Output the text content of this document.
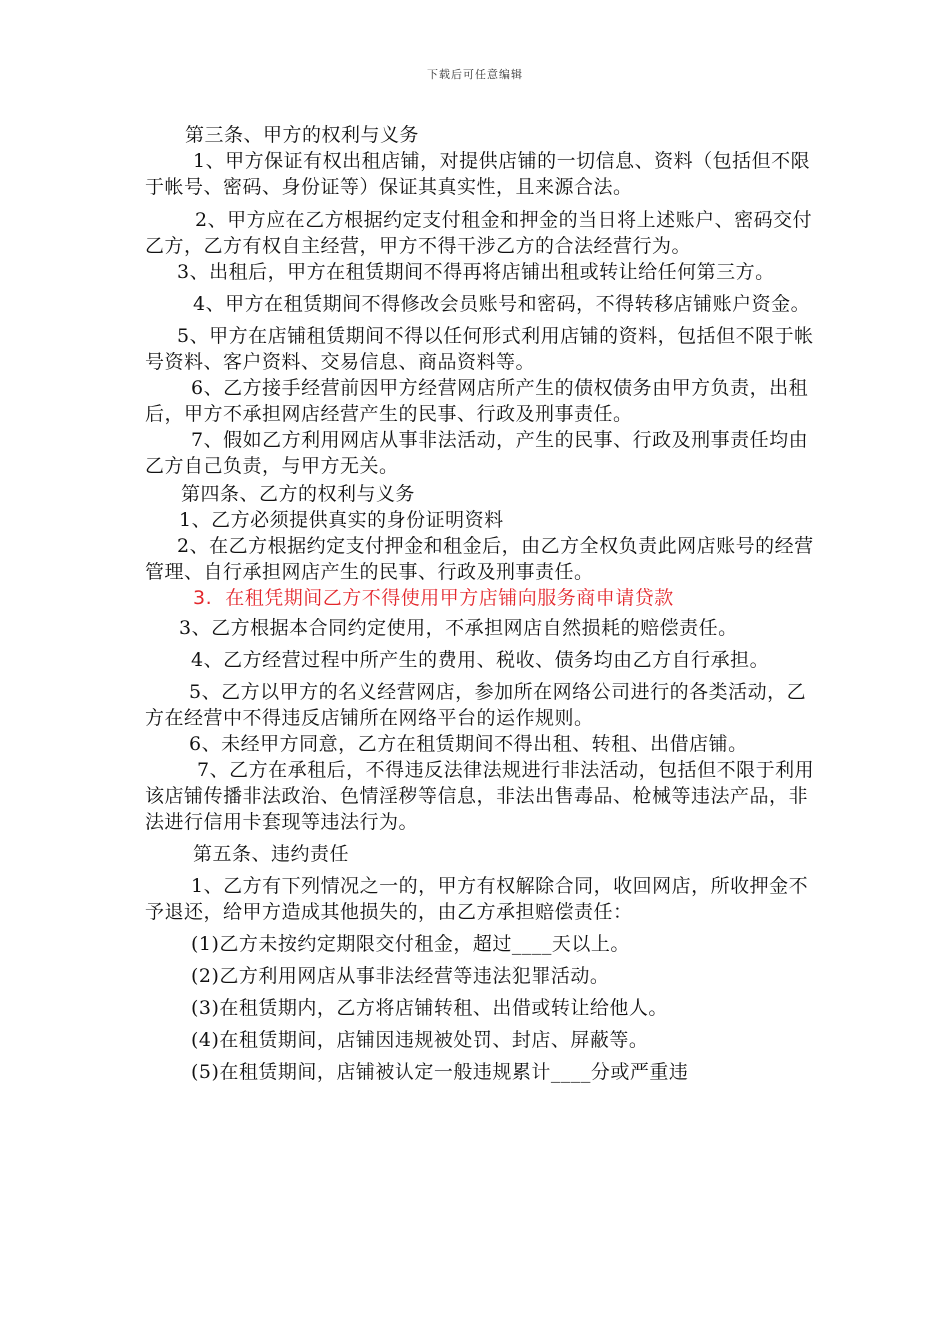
下载后可任意编辑

第三条、甲方的权利与义务

1、甲方保证有权出租店铺，对提供店铺的一切信息、资料（包括但不限于帐号、密码、身份证等）保证其真实性，且来源合法。

2、甲方应在乙方根据约定支付租金和押金的当日将上述账户、密码交付乙方，乙方有权自主经营，甲方不得干涉乙方的合法经营行为。

3、出租后，甲方在租赁期间不得再将店铺出租或转让给任何第三方。

4、甲方在租赁期间不得修改会员账号和密码，不得转移店铺账户资金。

5、甲方在店铺租赁期间不得以任何形式利用店铺的资料，包括但不限于帐号资料、客户资料、交易信息、商品资料等。

6、乙方接手经营前因甲方经营网店所产生的债权债务由甲方负责，出租后，甲方不承担网店经营产生的民事、行政及刑事责任。

7、假如乙方利用网店从事非法活动，产生的民事、行政及刑事责任均由乙方自己负责，与甲方无关。

第四条、乙方的权利与义务

1、乙方必须提供真实的身份证明资料

2、在乙方根据约定支付押金和租金后，由乙方全权负责此网店账号的经营管理、自行承担网店产生的民事、行政及刑事责任。

3.  在租凭期间乙方不得使用甲方店铺向服务商申请贷款

3、乙方根据本合同约定使用，不承担网店自然损耗的赔偿责任。

4、乙方经营过程中所产生的费用、税收、债务均由乙方自行承担。

5、乙方以甲方的名义经营网店，参加所在网络公司进行的各类活动，乙方在经营中不得违反店铺所在网络平台的运作规则。

6、未经甲方同意，乙方在租赁期间不得出租、转租、出借店铺。

7、乙方在承租后，不得违反法律法规进行非法活动，包括但不限于利用该店铺传播非法政治、色情淫秽等信息，非法出售毒品、枪械等违法产品，非法进行信用卡套现等违法行为。

第五条、违约责任

1、乙方有下列情况之一的，甲方有权解除合同，收回网店，所收押金不予退还，给甲方造成其他损失的，由乙方承担赔偿责任：

(1)乙方未按约定期限交付租金，超过____天以上。

(2)乙方利用网店从事非法经营等违法犯罪活动。

(3)在租赁期内，乙方将店铺转租、出借或转让给他人。

(4)在租赁期间，店铺因违规被处罚、封店、屏蔽等。

(5)在租赁期间，店铺被认定一般违规累计____分或严重违
